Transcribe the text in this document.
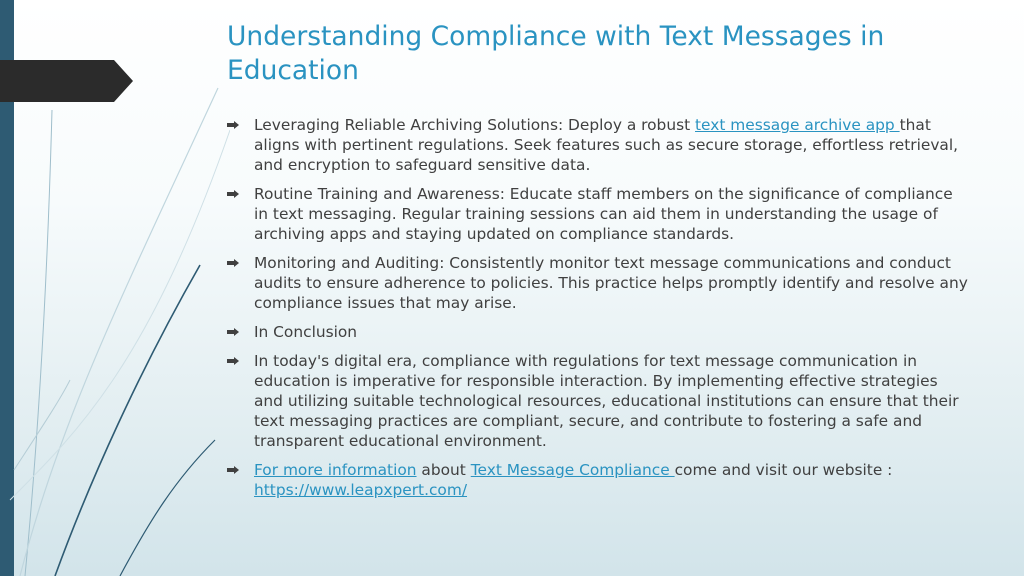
Understanding Compliance with Text Messages in Education
Leveraging Reliable Archiving Solutions: Deploy a robust text message archive app that aligns with pertinent regulations. Seek features such as secure storage, effortless retrieval, and encryption to safeguard sensitive data.
Routine Training and Awareness: Educate staff members on the significance of compliance in text messaging. Regular training sessions can aid them in understanding the usage of archiving apps and staying updated on compliance standards.
Monitoring and Auditing: Consistently monitor text message communications and conduct audits to ensure adherence to policies. This practice helps promptly identify and resolve any compliance issues that may arise.
In Conclusion
In today's digital era, compliance with regulations for text message communication in education is imperative for responsible interaction. By implementing effective strategies and utilizing suitable technological resources, educational institutions can ensure that their text messaging practices are compliant, secure, and contribute to fostering a safe and transparent educational environment.
For more information about Text Message Compliance come and visit our website : https://www.leapxpert.com/
